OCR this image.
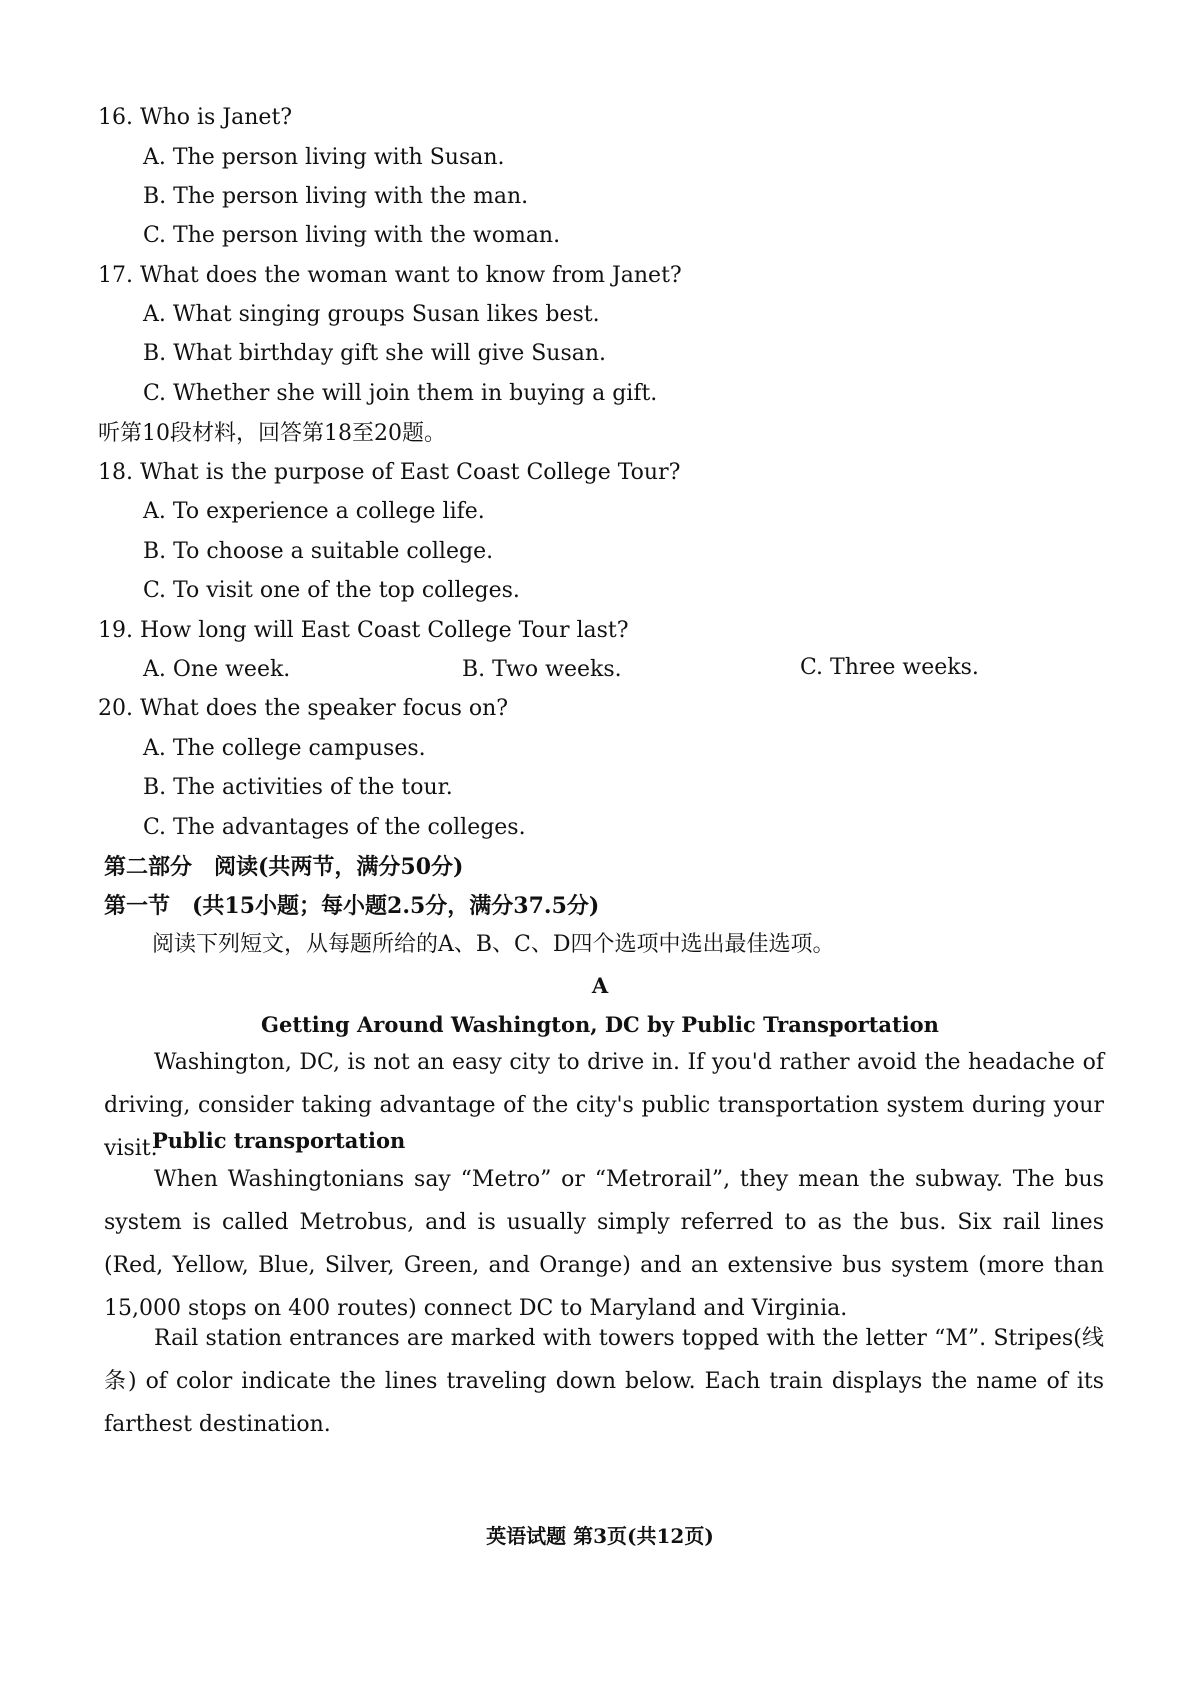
16. Who is Janet?
A. The person living with Susan.
B. The person living with the man.
C. The person living with the woman.
17. What does the woman want to know from Janet?
A. What singing groups Susan likes best.
B. What birthday gift she will give Susan.
C. Whether she will join them in buying a gift.
听第10段材料，回答第18至20题。
18. What is the purpose of East Coast College Tour?
A. To experience a college life.
B. To choose a suitable college.
C. To visit one of the top colleges.
19. How long will East Coast College Tour last?
A. One week.	B. Two weeks.	C. Three weeks.
20. What does the speaker focus on?
A. The college campuses.
B. The activities of the tour.
C. The advantages of the colleges.
第二部分　阅读(共两节，满分50分)
第一节　(共15小题；每小题2.5分，满分37.5分)
阅读下列短文，从每题所给的A、B、C、D四个选项中选出最佳选项。
A
Getting Around Washington, DC by Public Transportation

Washington, DC, is not an easy city to drive in. If you'd rather avoid the headache of driving, consider taking advantage of the city's public transportation system during your visit.

Public transportation

When Washingtonians say “Metro” or “Metrorail”, they mean the subway. The bus system is called Metrobus, and is usually simply referred to as the bus. Six rail lines (Red, Yellow, Blue, Silver, Green, and Orange) and an extensive bus system (more than 15,000 stops on 400 routes) connect DC to Maryland and Virginia.

Rail station entrances are marked with towers topped with the letter “M”. Stripes(线条) of color indicate the lines traveling down below. Each train displays the name of its farthest destination.

英语试题 第3页(共12页)
